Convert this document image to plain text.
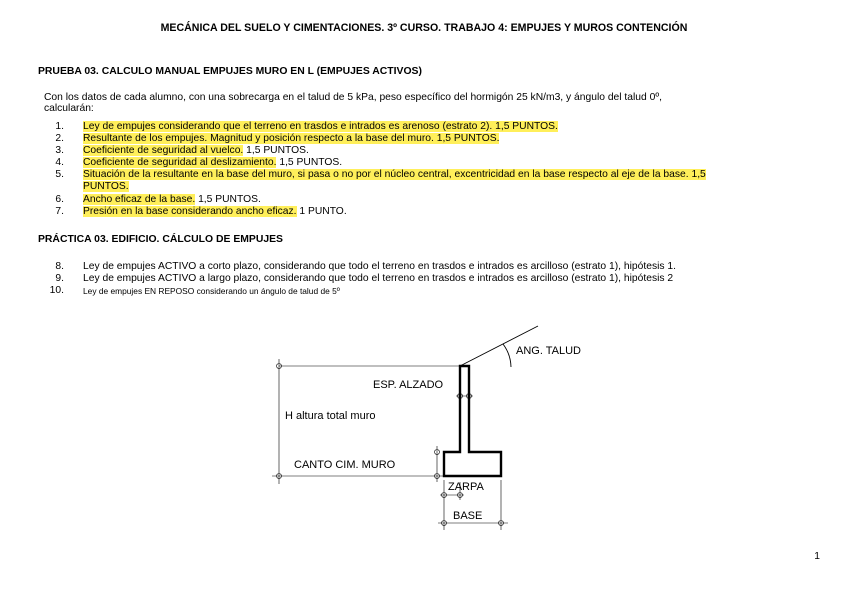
MECÁNICA DEL SUELO Y CIMENTACIONES. 3º CURSO. TRABAJO 4: EMPUJES Y MUROS CONTENCIÓN
PRUEBA 03. CALCULO MANUAL EMPUJES MURO EN L (EMPUJES ACTIVOS)
Con los datos de cada alumno, con una sobrecarga en el talud de 5 kPa, peso específico del hormigón 25 kN/m3, y ángulo del talud 0º,
calcularán:
1. Ley de empujes considerando que el terreno en trasdos e intrados es arenoso (estrato 2). 1,5 PUNTOS.
2. Resultante de los empujes. Magnitud y posición respecto a la base del muro. 1,5 PUNTOS.
3. Coeficiente de seguridad al vuelco. 1,5 PUNTOS.
4. Coeficiente de seguridad al deslizamiento. 1,5 PUNTOS.
5. Situación de la resultante en la base del muro, si pasa o no por el núcleo central, excentricidad en la base respecto al eje de la base. 1,5
PUNTOS.
6. Ancho eficaz de la base. 1,5 PUNTOS.
7. Presión en la base considerando ancho eficaz. 1 PUNTO.
PRÁCTICA 03. EDIFICIO. CÁLCULO DE EMPUJES
8. Ley de empujes ACTIVO a corto plazo, considerando que todo el terreno en trasdos e intrados es arcilloso (estrato 1), hipótesis 1.
9. Ley de empujes ACTIVO a largo plazo, considerando que todo el terreno en trasdos e intrados es arcilloso (estrato 1), hipótesis 2
10. Ley de empujes EN REPOSO considerando un ángulo de talud de 5º
ANG. TALUD
H altura total muro
ESP. ALZADO
CANTO CIM. MURO
ZARPA
BASE
1
